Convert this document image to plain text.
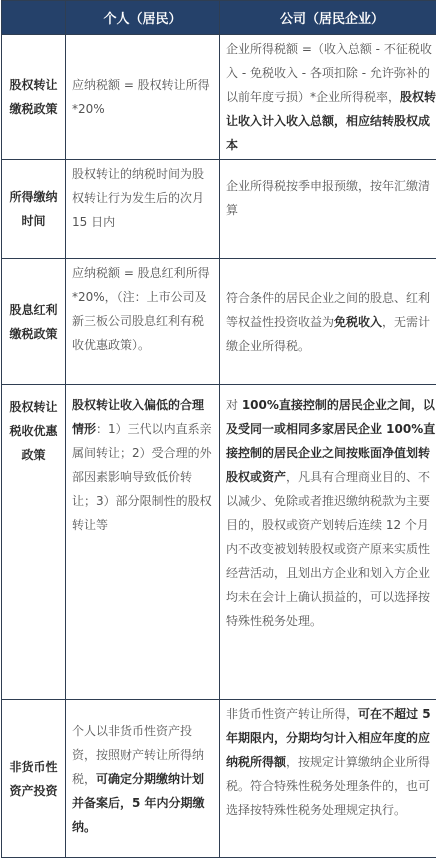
	个人（居民）	公司（居民企业）
股权转让缴税政策	应纳税额 = 股权转让所得*20%	企业所得税额 =（收入总额 - 不征税收入 - 免税收入 - 各项扣除 - 允许弥补的以前年度亏损）*企业所得税率，股权转让收入计入收入总额，相应结转股权成本

所得缴纳时间	股权转让的纳税时间为股权转让行为发生后的次月 15 日内	企业所得税按季申报预缴，按年汇缴清算

股息红利缴税政策	应纳税额 = 股息红利所得*20%，（注：上市公司及新三板公司股息红利有税收优惠政策）。	符合条件的居民企业之间的股息、红利等权益性投资收益为免税收入，无需计缴企业所得税。

股权转让税收优惠政策	股权转让收入偏低的合理情形：1）三代以内直系亲属间转让；2）受合理的外部因素影响导致低价转让；3）部分限制性的股权转让等	对 100%直接控制的居民企业之间，以及受同一或相同多家居民企业 100%直接控制的居民企业之间按账面净值划转股权或资产，凡具有合理商业目的、不以减少、免除或者推迟缴纳税款为主要目的，股权或资产划转后连续 12 个月内不改变被划转股权或资产原来实质性经营活动，且划出方企业和划入方企业均未在会计上确认损益的，可以选择按特殊性税务处理。

非货币性资产投资	个人以非货币性资产投资，按照财产转让所得纳税，可确定分期缴纳计划并备案后，5 年内分期缴纳。	非货币性资产转让所得，可在不超过 5 年期限内，分期均匀计入相应年度的应纳税所得额，按规定计算缴纳企业所得税。符合特殊性税务处理条件的，也可选择按特殊性税务处理规定执行。
